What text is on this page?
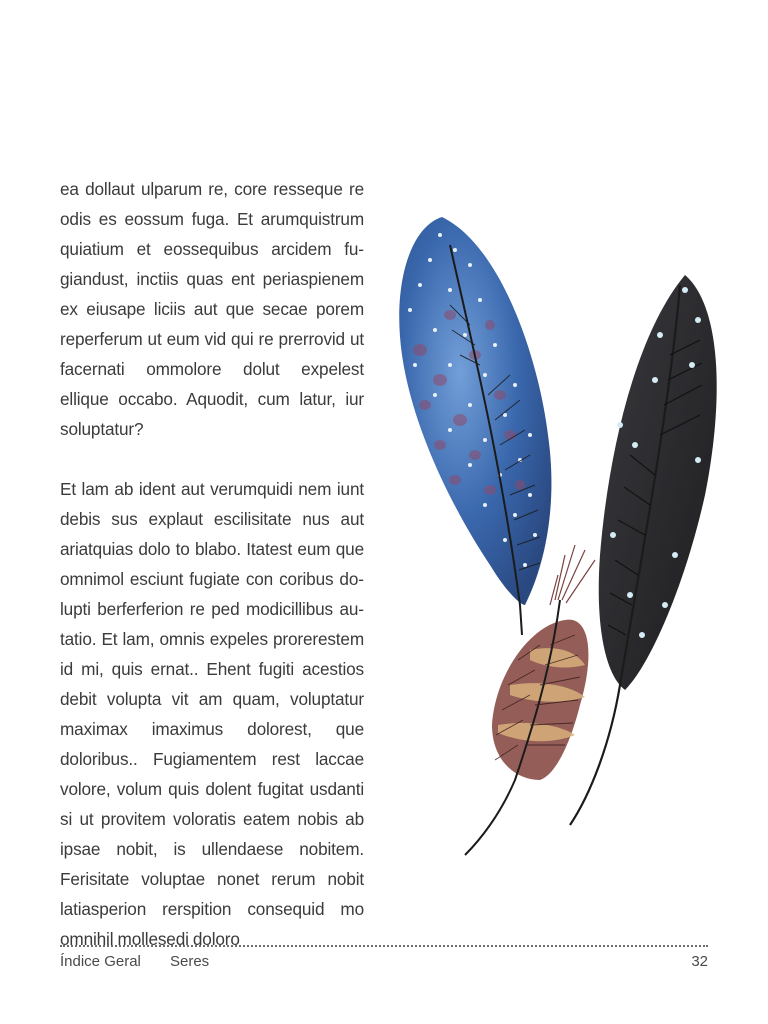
ea dollaut ulparum re, core resseque re odis es eossum fuga. Et arumquistrum quiatium et eossequibus arcidem fugiandust, inctiis quas ent periaspienem ex eiusape liciis aut que secae porem reperferum ut eum vid qui re prerrovid ut facernati ommolore dolut expelest ellique occabo. Aquodit, cum latur, iur soluptatur?

Et lam ab ident aut verumquidi nem iunt debis sus explaut escilisitate nus aut ariatquias dolo to blabo. Itatest eum que omnimol esciunt fugiate con coribus dolupti berferferion re ped modicillibus autatio. Et lam, omnis expeles prorerestem id mi, quis ernat.. Ehent fugiti acestios debit volupta vit am quam, voluptatur maximax imaximus dolorest, que doloribus.. Fugiamentem rest laccae volore, volum quis dolent fugitat usdanti si ut provitem voloratis eatem nobis ab ipsae nobit, is ullendaese nobitem. Ferisitate voluptae nonet rerum nobit latiasperion rerspition consequid mo omnihil mollesedi doloro

Índice Geral Seres	32
